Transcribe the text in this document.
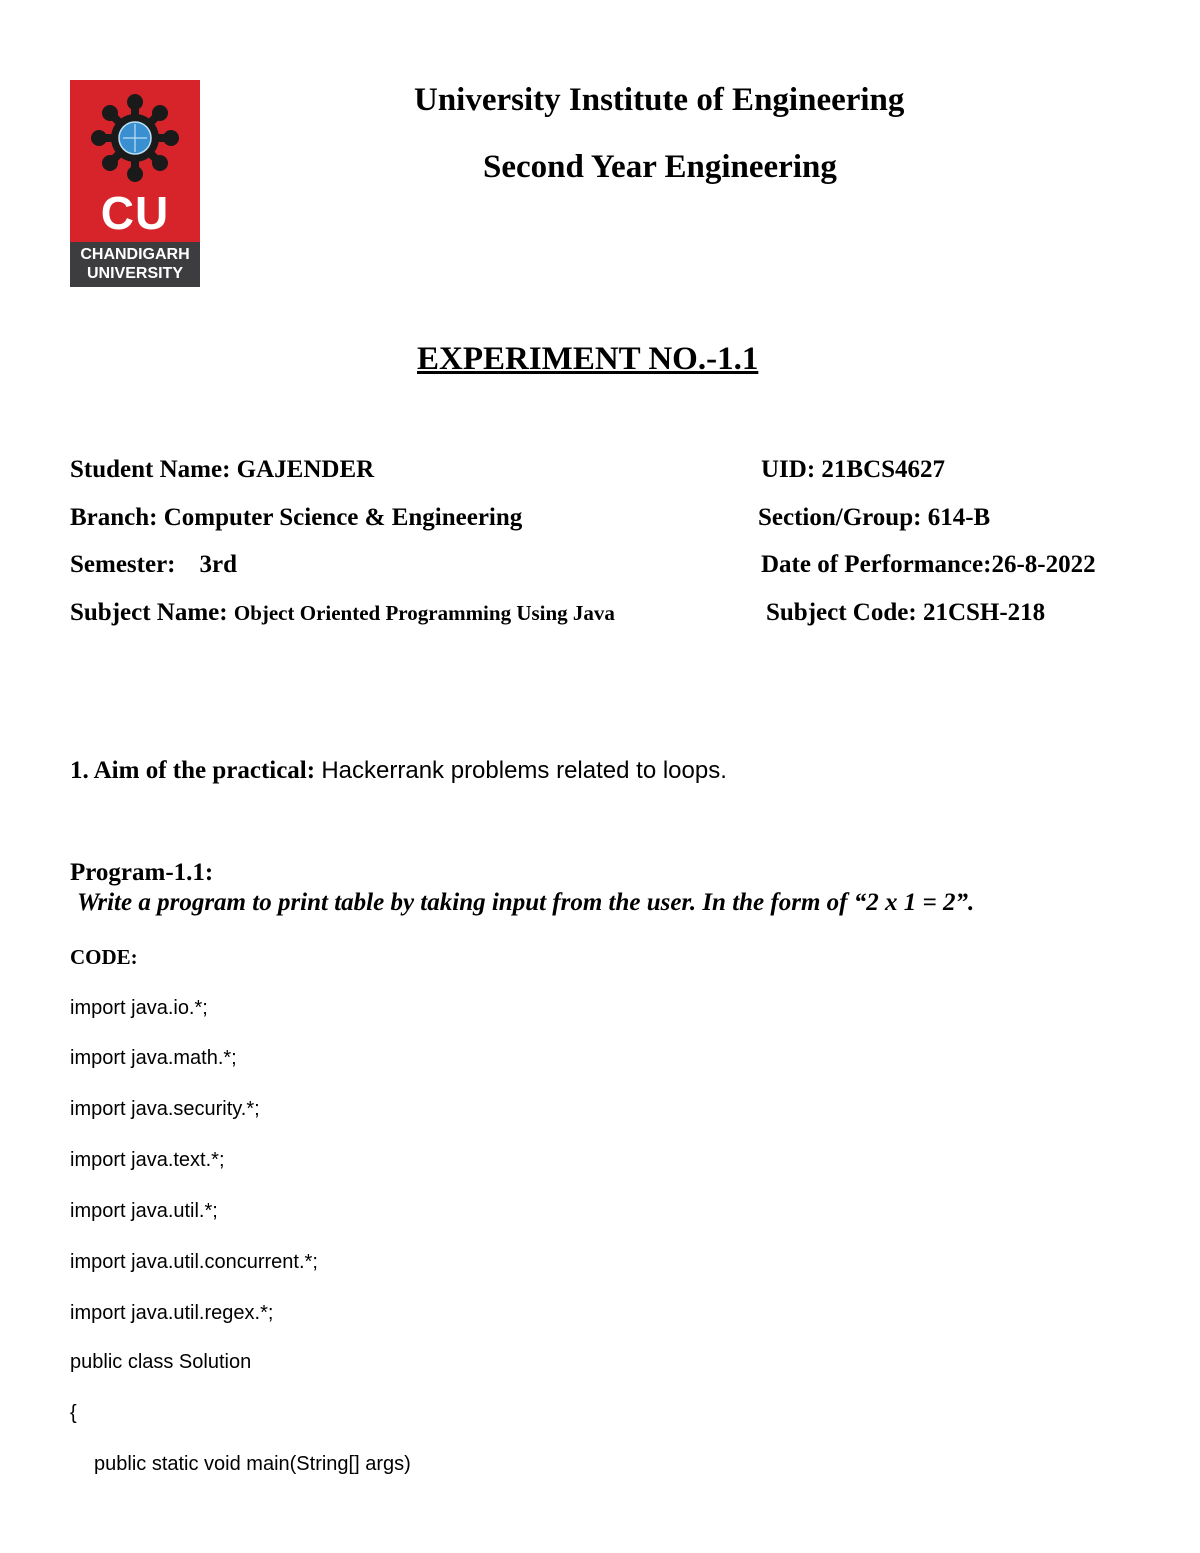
CU
CHANDIGARH
UNIVERSITY
University Institute of Engineering
Second Year Engineering
EXPERIMENT NO.-1.1
Student Name: GAJENDER	UID: 21BCS4627
Branch: Computer Science & Engineering	Section/Group: 614-B
Semester: 3rd	Date of Performance:26-8-2022
Subject Name: Object Oriented Programming Using Java	Subject Code: 21CSH-218
1. Aim of the practical: Hackerrank problems related to loops.
Program-1.1:
Write a program to print table by taking input from the user. In the form of “2 x 1 = 2”.
CODE:
import java.io.*;
import java.math.*;
import java.security.*;
import java.text.*;
import java.util.*;
import java.util.concurrent.*;
import java.util.regex.*;
public class Solution
{
public static void main(String[] args)
